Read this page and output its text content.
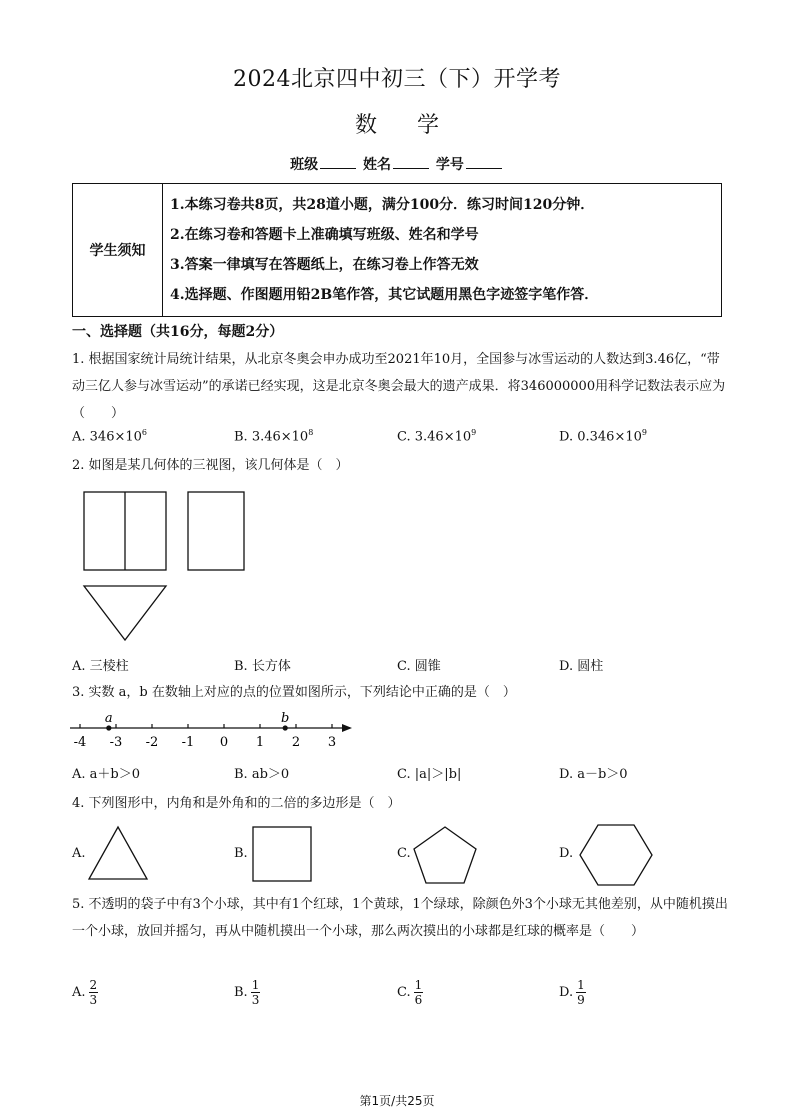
2024北京四中初三（下）开学考
数学
班级	姓名	学号
学生须知
1.本练习卷共8页，共28道小题，满分100分．练习时间120分钟．
2.在练习卷和答题卡上准确填写班级、姓名和学号
3.答案一律填写在答题纸上，在练习卷上作答无效
4.选择题、作图题用铅2B笔作答，其它试题用黑色字迹签字笔作答．
一、选择题（共16分，每题2分）
1. 根据国家统计局统计结果，从北京冬奥会申办成功至2021年10月，全国参与冰雪运动的人数达到3.46亿，“带动三亿人参与冰雪运动”的承诺已经实现，这是北京冬奥会最大的遗产成果．将346000000用科学记数法表示应为（　　）
A. $346\times 10^6$	B. $3.46\times 10^8$	C. $3.46\times 10^9$	D. $0.346\times 10^9$
2. 如图是某几何体的三视图，该几何体是（　）
A. 三棱柱	B. 长方体	C. 圆锥	D. 圆柱
3. 实数 a，b 在数轴上对应的点的位置如图所示，下列结论中正确的是（　）
-4 -3 -2 -1 0 1 2 3
a	b
A. a＋b＞0	B. ab＞0	C. |a|＞|b|	D. a－b＞0
4. 下列图形中，内角和是外角和的二倍的多边形是（　）
A.	B.	C.	D.
5. 不透明的袋子中有3个小球，其中有1个红球，1个黄球，1个绿球，除颜色外3个小球无其他差别，从中随机摸出一个小球，放回并摇匀，再从中随机摸出一个小球，那么两次摸出的小球都是红球的概率是（　　）
A. $\frac{2}{3}$	B. $\frac{1}{3}$	C. $\frac{1}{6}$	D. $\frac{1}{9}$
第1页/共25页
